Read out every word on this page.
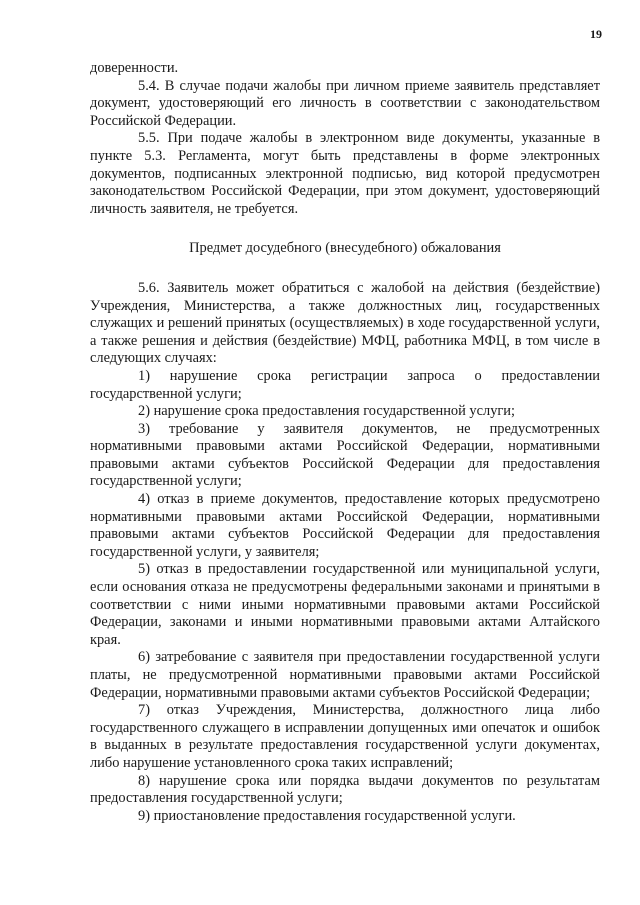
19

доверенности.

5.4. В случае подачи жалобы при личном приеме заявитель представляет документ, удостоверяющий его личность в соответствии с законодательством Российской Федерации.

5.5. При подаче жалобы в электронном виде документы, указанные в пункте 5.3. Регламента, могут быть представлены в форме электронных документов, подписанных электронной подписью, вид которой предусмотрен законодательством Российской Федерации, при этом документ, удостоверяющий личность заявителя, не требуется.

Предмет досудебного (внесудебного) обжалования

5.6. Заявитель может обратиться с жалобой на действия (бездействие) Учреждения, Министерства, а также должностных лиц, государственных служащих и решений принятых (осуществляемых) в ходе государственной услуги, а также решения и действия (бездействие) МФЦ, работника МФЦ, в том числе в следующих случаях:

1) нарушение срока регистрации запроса о предоставлении государственной услуги;

2) нарушение срока предоставления государственной услуги;

3) требование у заявителя документов, не предусмотренных нормативными правовыми актами Российской Федерации, нормативными правовыми актами субъектов Российской Федерации для предоставления государственной услуги;

4) отказ в приеме документов, предоставление которых предусмотрено нормативными правовыми актами Российской Федерации, нормативными правовыми актами субъектов Российской Федерации для предоставления государственной услуги, у заявителя;

5) отказ в предоставлении государственной или муниципальной услуги, если основания отказа не предусмотрены федеральными законами и принятыми в соответствии с ними иными нормативными правовыми актами Российской Федерации, законами и иными нормативными правовыми актами Алтайского края.

6) затребование с заявителя при предоставлении государственной услуги платы, не предусмотренной нормативными правовыми актами Российской Федерации, нормативными правовыми актами субъектов Российской Федерации;

7) отказ Учреждения, Министерства, должностного лица либо государственного служащего в исправлении допущенных ими опечаток и ошибок в выданных в результате предоставления государственной услуги документах, либо нарушение установленного срока таких исправлений;

8) нарушение срока или порядка выдачи документов по результатам предоставления государственной услуги;

9) приостановление предоставления государственной услуги.
